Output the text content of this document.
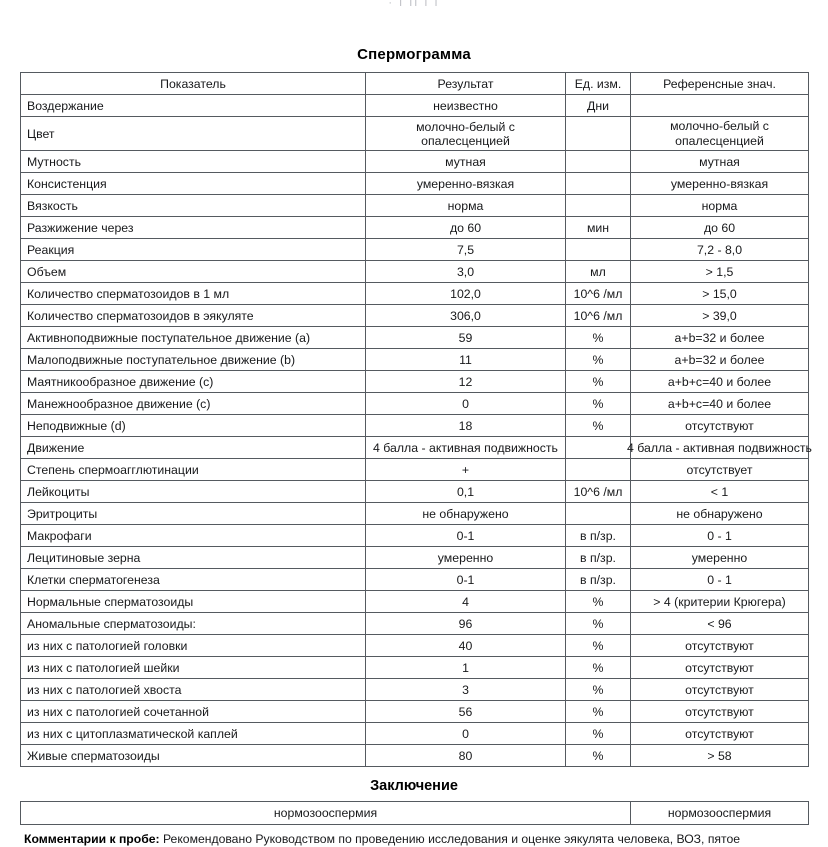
· ı ıı ı ı
Спермограмма
Показатель	Результат	Ед. изм.	Референсные знач.
Воздержание	неизвестно	Дни	
Цвет	молочно-белый с опалесценцией		молочно-белый с опалесценцией
Мутность	мутная		мутная
Консистенция	умеренно-вязкая		умеренно-вязкая
Вязкость	норма		норма
Разжижение через	до 60	мин	до 60
Реакция	7,5		7,2 - 8,0
Объем	3,0	мл	> 1,5
Количество сперматозоидов в 1 мл	102,0	10^6 /мл	> 15,0
Количество сперматозоидов в эякуляте	306,0	10^6 /мл	> 39,0
Активноподвижные поступательное движение (a)	59	%	a+b=32 и более
Малоподвижные поступательное движение (b)	11	%	a+b=32 и более
Маятникообразное движение (c)	12	%	a+b+c=40 и более
Манежнообразное движение (c)	0	%	a+b+c=40 и более
Неподвижные (d)	18	%	отсутствуют
Движение	4 балла - активная подвижность		4 балла - активная подвижность

Степень спермоагглютинации	+		отсутствует
Лейкоциты	0,1	10^6 /мл	< 1
Эритроциты	не обнаружено		не обнаружено
Макрофаги	0-1	в п/зр.	0 - 1
Лецитиновые зерна	умеренно	в п/зр.	умеренно
Клетки сперматогенеза	0-1	в п/зр.	0 - 1
Нормальные сперматозоиды	4	%	> 4 (критерии Крюгера)
Аномальные сперматозоиды:	96	%	< 96
из них с патологией головки	40	%	отсутствуют
из них с патологией шейки	1	%	отсутствуют
из них с патологией хвоста	3	%	отсутствуют
из них с патологией сочетанной	56	%	отсутствуют
из них с цитоплазматической каплей	0	%	отсутствуют
Живые сперматозоиды	80	%	> 58
Заключение
нормозооспермия	нормозооспермия
Комментарии к пробе: Рекомендовано Руководством по проведению исследования и оценке эякулята человека, ВОЗ, пятое
